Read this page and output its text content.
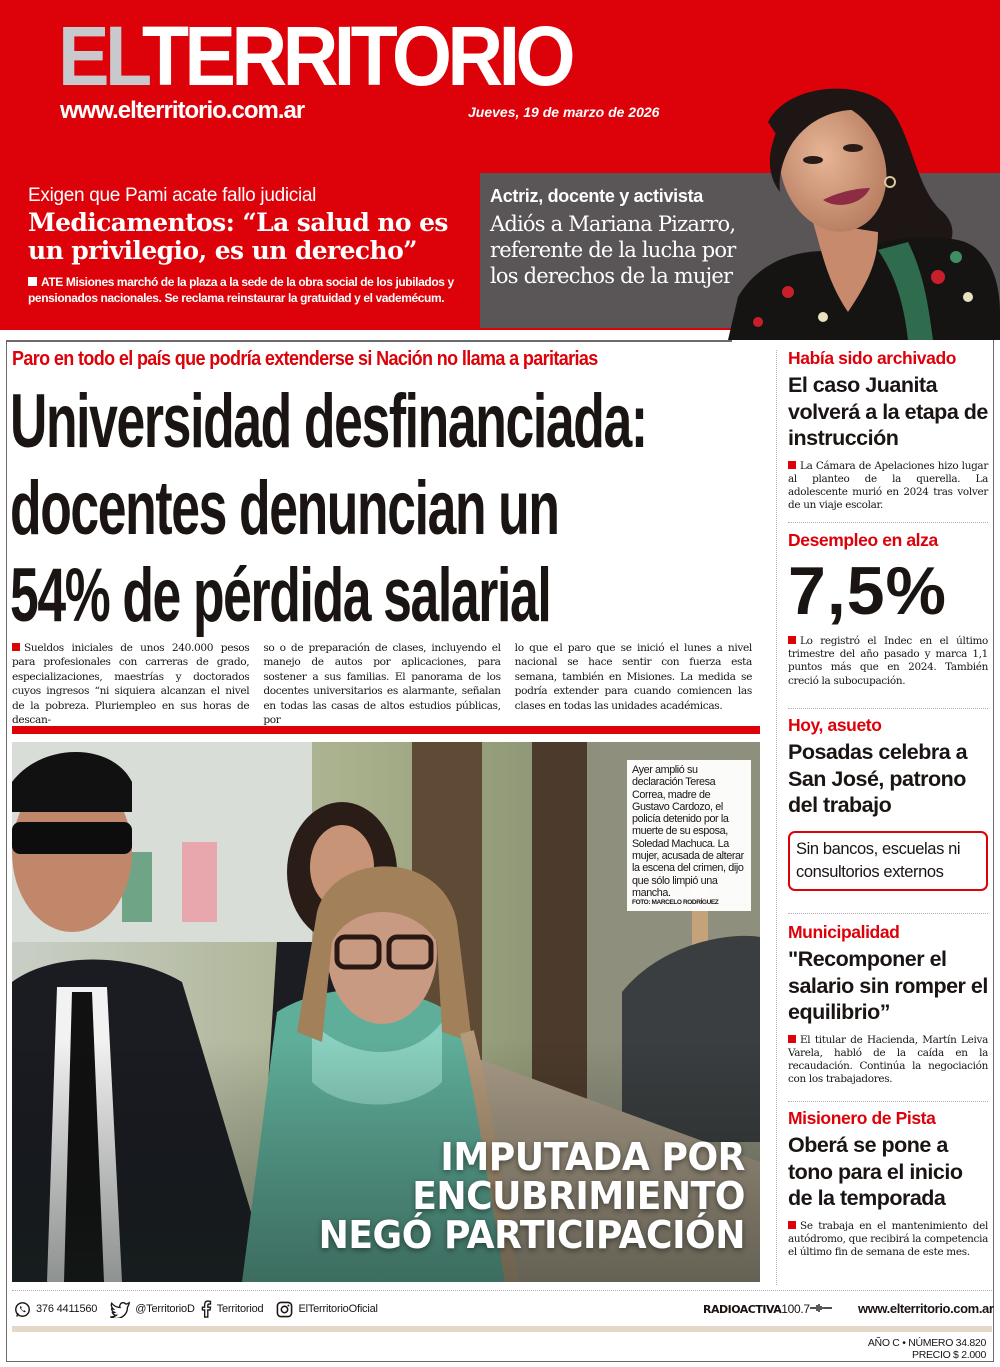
ELTERRITORIO
www.elterritorio.com.ar	Jueves, 19 de marzo de 2026
Exigen que Pami acate fallo judicial
Medicamentos: “La salud no es un privilegio, es un derecho”

ATE Misiones marchó de la plaza a la sede de la obra social de los jubilados y pensionados nacionales. Se reclama reinstaurar la gratuidad y el vademécum.

Actriz, docente y activista
Adiós a Mariana Pizarro, referente de la lucha por los derechos de la mujer
Paro en todo el país que podría extenderse si Nación no llama a paritarias
Universidad desfinanciada:
docentes denuncian un
54% de pérdida salarial

Sueldos iniciales de unos 240.000 pesos para profesionales con carreras de grado, especializaciones, maestrías y doctorados cuyos ingresos “ni siquiera alcanzan el nivel de la pobreza. Pluriempleo en sus horas de descan-

so o de preparación de clases, incluyendo el manejo de autos por aplicaciones, para sostener a sus familias. El panorama de los docentes universitarios es alarmante, señalan en todas las casas de altos estudios públicas, por

lo que el paro que se inició el lunes a nivel nacional se hace sentir con fuerza esta semana, también en Misiones. La medida se podría extender para cuando comiencen las clases en todas las unidades académicas.

Ayer amplió su declaración Teresa Correa, madre de Gustavo Cardozo, el policía detenido por la muerte de su esposa, Soledad Machuca. La mujer, acusada de alterar la escena del crimen, dijo que sólo limpió una mancha.
FOTO: MARCELO RODRÍGUEZ
IMPUTADA POR
ENCUBRIMIENTO
NEGÓ PARTICIPACIÓN
Había sido archivado
El caso Juanita volverá a la etapa de instrucción

La Cámara de Apelaciones hizo lugar al planteo de la querella. La adolescente murió en 2024 tras volver de un viaje escolar.

Desempleo en alza
7,5%

Lo registró el Indec en el último trimestre del año pasado y marca 1,1 puntos más que en 2024. También creció la subocupación.

Hoy, asueto
Posadas celebra a San José, patrono del trabajo
Sin bancos, escuelas ni consultorios externos
Municipalidad
"Recomponer el salario sin romper el equilibrio”

El titular de Hacienda, Martín Leiva Varela, habló de la caída en la recaudación. Continúa la negociación con los trabajadores.

Misionero de Pista
Oberá se pone a tono para el inicio de la temporada

Se trabaja en el mantenimiento del autódromo, que recibirá la competencia el último fin de semana de este mes.

376 4411560	@TerritorioD Territoriod	ElTerritorioOficial	RADIOACTIVA 100.7	www.elterritorio.com.ar
AÑO C • NÚMERO 34.820
PRECIO $ 2.000
